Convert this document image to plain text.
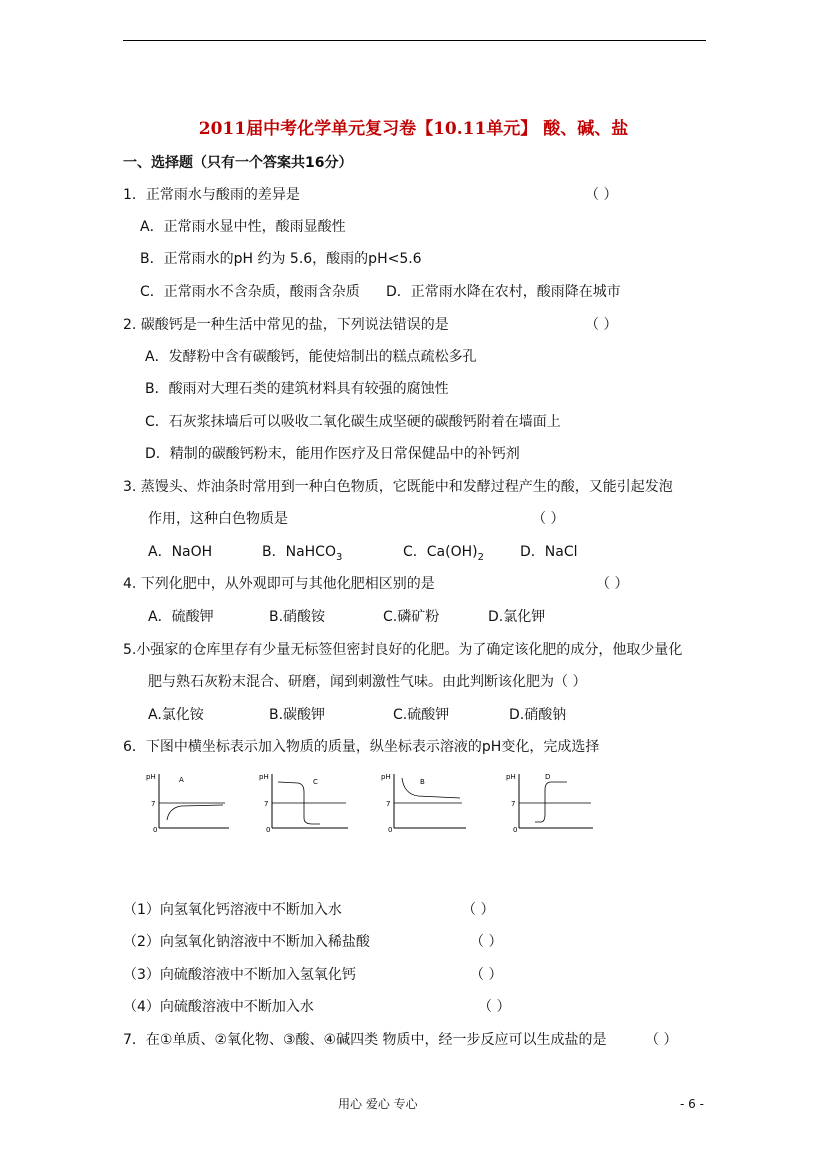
2011届中考化学单元复习卷【10.11单元】 酸、碱、盐
一、选择题（只有一个答案共16分）
1．正常雨水与酸雨的差异是	（ ）
A．正常雨水显中性，酸雨显酸性
B．正常雨水的pH 约为 5.6，酸雨的pH<5.6
C．正常雨水不含杂质，酸雨含杂质 D．正常雨水降在农村，酸雨降在城市
2. 碳酸钙是一种生活中常见的盐，下列说法错误的是	（ ）
A．发酵粉中含有碳酸钙，能使焙制出的糕点疏松多孔
B．酸雨对大理石类的建筑材料具有较强的腐蚀性
C．石灰浆抹墙后可以吸收二氧化碳生成坚硬的碳酸钙附着在墙面上
D．精制的碳酸钙粉末，能用作医疗及日常保健品中的补钙剂
3. 蒸馒头、炸油条时常用到一种白色物质，它既能中和发酵过程产生的酸，又能引起发泡
作用，这种白色物质是	（ ）
A．NaOH	B．NaHCO$_3$	C．$Ca(OH)_2$	D．NaCl
4. 下列化肥中，从外观即可与其他化肥相区别的是	（ ）
A．硫酸钾	B.硝酸铵	C.磷矿粉	D.氯化钾
5.小强家的仓库里存有少量无标签但密封良好的化肥。为了确定该化肥的成分，他取少量化
肥与熟石灰粉末混合、研磨，闻到刺激性气味。由此判断该化肥为（ ）
A.氯化铵	B.碳酸钾	C.硫酸钾	D.硝酸钠
6．下图中横坐标表示加入物质的质量，纵坐标表示溶液的pH变化，完成选择
pH	A
7
0
pH
C
7
0
pH
B
7
0
pH	D
7
0
（1）向氢氧化钙溶液中不断加入水	（ ）
（2）向氢氧化钠溶液中不断加入稀盐酸	（ ）
（3）向硫酸溶液中不断加入氢氧化钙	（ ）
（4）向硫酸溶液中不断加入水	（ ）
7．在①单质、②氧化物、③酸、④碱四类 物质中，经一步反应可以生成盐的是	（ ）
用心 爱心 专心	- 6 -
